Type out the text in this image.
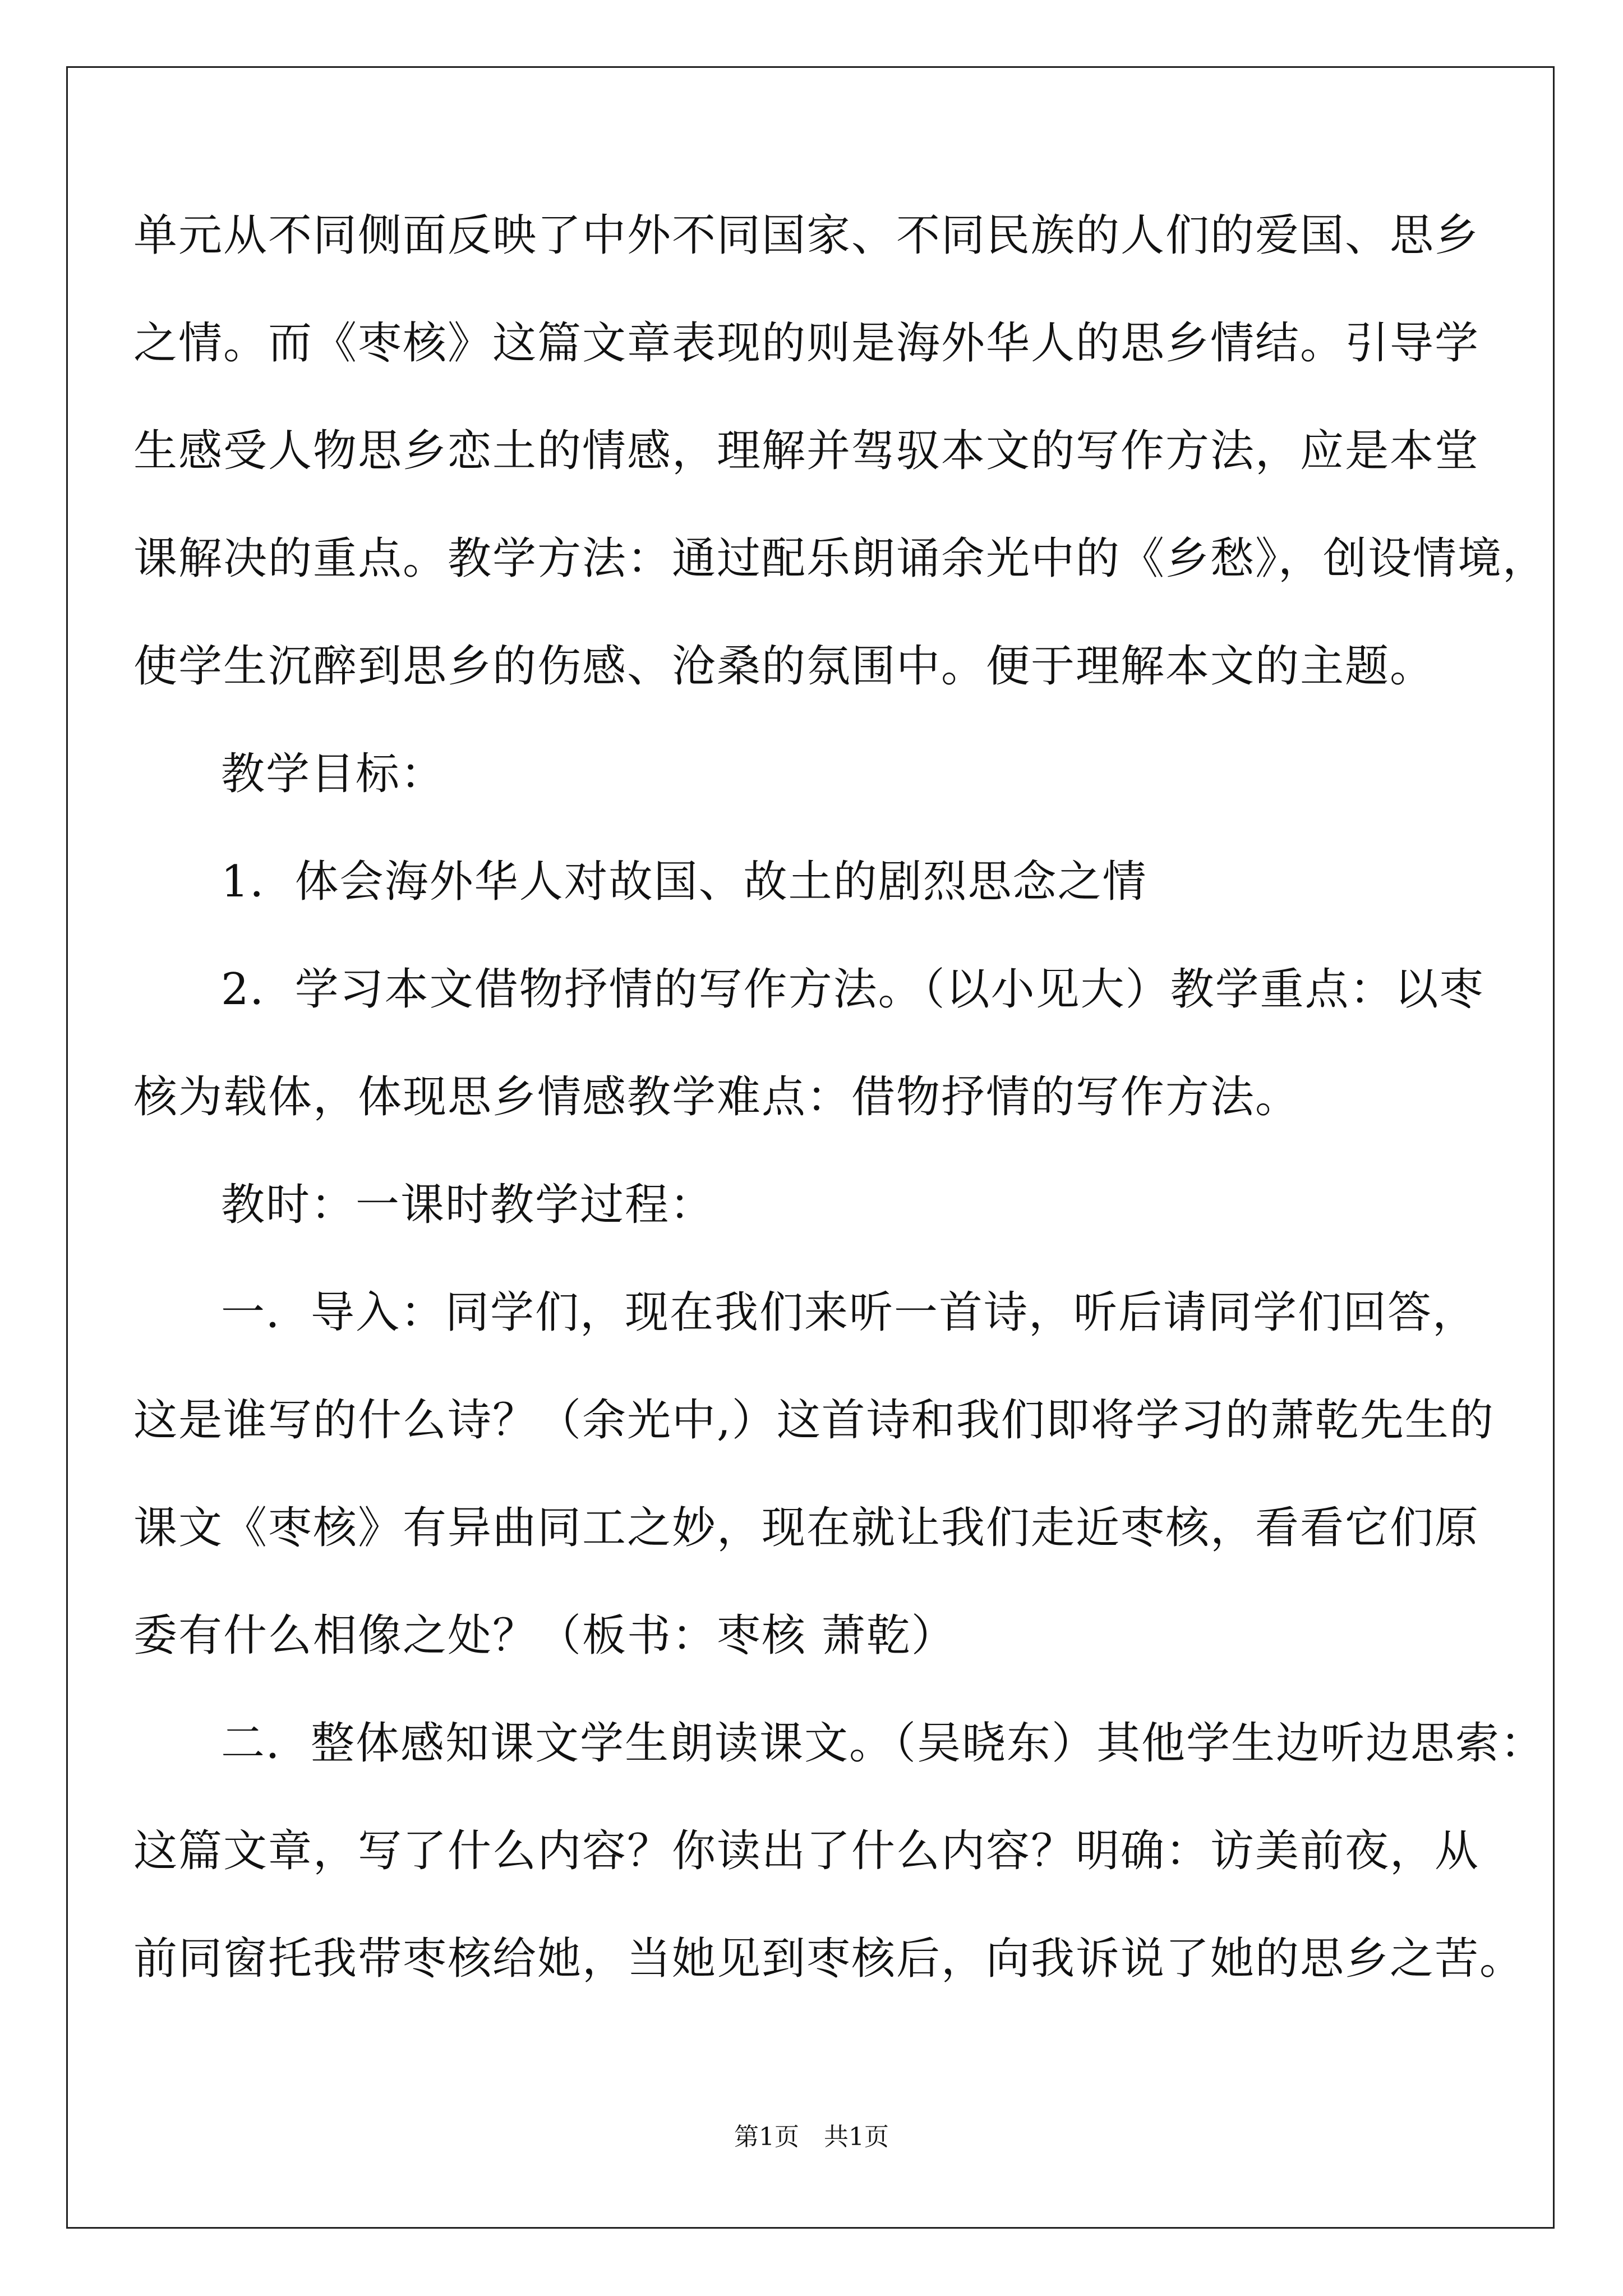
单元从不同侧面反映了中外不同国家、不同民族的人们的爱国、思乡
之情。而《枣核》这篇文章表现的则是海外华人的思乡情结。引导学
生感受人物思乡恋土的情感，理解并驾驭本文的写作方法，应是本堂
课解决的重点。教学方法：通过配乐朗诵余光中的《乡愁》，创设情境，
使学生沉醉到思乡的伤感、沧桑的氛围中。便于理解本文的主题。
教学目标：
1．体会海外华人对故国、故土的剧烈思念之情
2．学习本文借物抒情的写作方法。（以小见大）教学重点：以枣
核为载体，体现思乡情感教学难点：借物抒情的写作方法。
教时：一课时教学过程：
一．导入：同学们，现在我们来听一首诗，听后请同学们回答，
这是谁写的什么诗？（余光中,）这首诗和我们即将学习的萧乾先生的
课文《枣核》有异曲同工之妙，现在就让我们走近枣核，看看它们原
委有什么相像之处？（板书：枣核 萧乾）
二．整体感知课文学生朗读课文。（吴晓东）其他学生边听边思索：
这篇文章，写了什么内容？你读出了什么内容？明确：访美前夜，从
前同窗托我带枣核给她，当她见到枣核后，向我诉说了她的思乡之苦。
第1页　共1页
